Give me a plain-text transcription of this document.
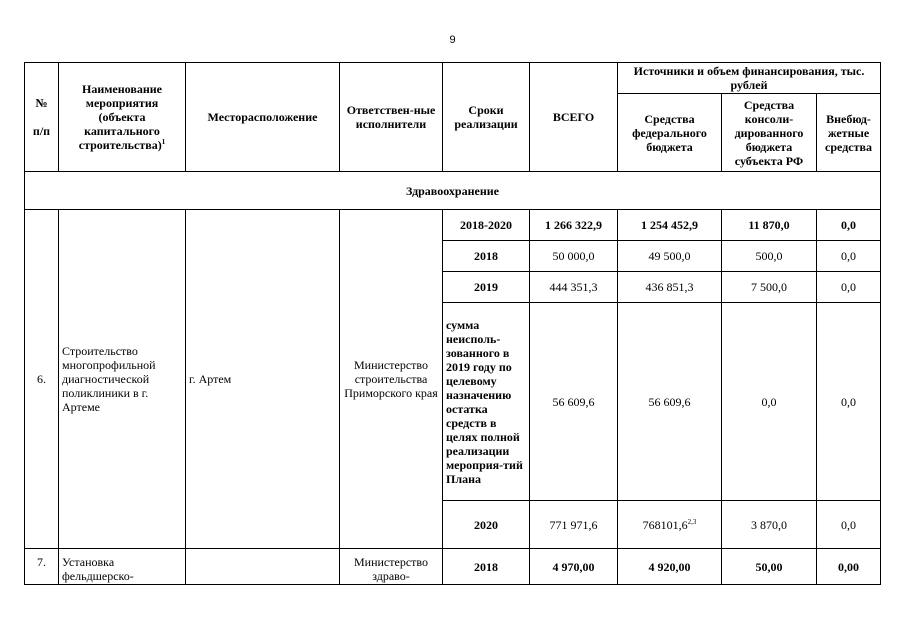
9
№

п/п	Наименование мероприятия (объекта капитального строительства)$^1$	Месторасположение	Ответствен-ные исполнители	Сроки реализации	ВСЕГО	Источники и объем финансирования, тыс. рублей		
						Средства федерального бюджета	Средства консоли-дированного бюджета субъекта РФ	Внебюд-жетные средства
Здравоохранение								
6.	Строительство многопрофильной диагностической поликлиники в г. Артеме	г. Артем	Министерство строительства Приморского края	2018-2020	1 266 322,9	1 254 452,9	11 870,0	0,0
				2018	50 000,0	49 500,0	500,0	0,0
				2019	444 351,3	436 851,3	7 500,0	0,0
				сумма неисполь-зованного в 2019 году по целевому назначению остатка средств в целях полной реализации мероприя-тий Плана	56 609,6	56 609,6	0,0	0,0
				2020	771 971,6	768101,6$^{2,3}$	3 870,0	0,0
7.	Установка фельдшерско-		Министерство здраво-	2018	4 970,00	4 920,00	50,00	0,00
